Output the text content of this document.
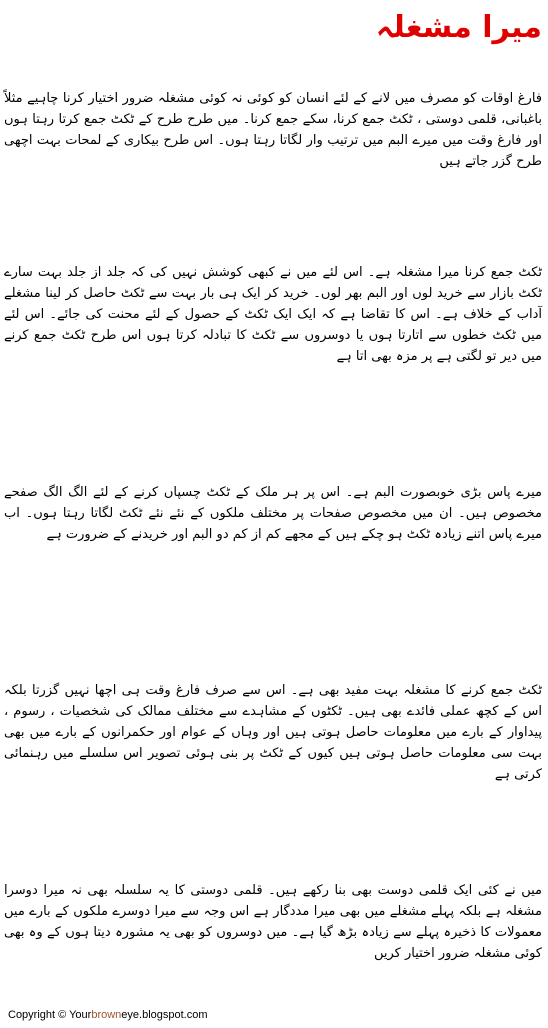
میرا مشغلہ

فارغ اوقات کو مصرف میں لانے کے لئے انسان کو کوئی نہ کوئی مشغلہ ضرور اختیار کرنا چاہیے مثلاً باغبانی، قلمی دوستی ، ٹکٹ جمع کرنا، سکے جمع کرنا۔ میں طرح طرح کے ٹکٹ جمع کرتا رہتا ہوں اور فارغ وقت میں میرے البم میں ترتیب وار لگاتا رہتا ہوں۔ اس طرح بیکاری کے لمحات بہت اچھی طرح گزر جاتے ہیں

ٹکٹ جمع کرنا میرا مشغلہ ہے۔ اس لئے میں نے کبھی کوشش نہیں کی کہ جلد از جلد بہت سارے ٹکٹ بازار سے خرید لوں اور البم بھر لوں۔ خرید کر ایک ہی بار بہت سے ٹکٹ حاصل کر لینا مشغلے آداب کے خلاف ہے۔ اس کا تقاضا ہے کہ ایک ایک ٹکٹ کے حصول کے لئے محنت کی جائے۔ اس لئے میں ٹکٹ خطوں سے اتارتا ہوں یا دوسروں سے ٹکٹ کا تبادلہ کرتا ہوں اس طرح ٹکٹ جمع کرنے میں دیر تو لگتی ہے پر مزہ بھی اتا ہے

میرے پاس بڑی خوبصورت البم ہے۔ اس پر ہر ملک کے ٹکٹ چسپاں کرنے کے لئے الگ الگ صفحے مخصوص ہیں۔ ان میں مخصوص صفحات پر مختلف ملکوں کے نئے نئے ٹکٹ لگاتا رہتا ہوں۔ اب میرے پاس اتنے زیادہ ٹکٹ ہو چکے ہیں کے مجھے کم از کم دو البم اور خریدنے کے ضرورت ہے

ٹکٹ جمع کرنے کا مشغلہ بہت مفید بھی ہے۔ اس سے صرف فارغ وقت ہی اچھا نہیں گزرتا بلکہ اس کے کچھ عملی فائدے بھی ہیں۔ ٹکٹوں کے مشاہدے سے مختلف ممالک کی شخصیات ، رسوم ، پیداوار کے بارے میں معلومات حاصل ہوتی ہیں اور وہاں کے عوام اور حکمرانوں کے بارے میں بھی بہت سی معلومات حاصل ہوتی ہیں کیوں کے ٹکٹ پر بنی ہوئی تصویر اس سلسلے میں رہنمائی کرتی ہے

میں نے کئی ایک قلمی دوست بھی بنا رکھے ہیں۔ قلمی دوستی کا یہ سلسلہ بھی نہ میرا دوسرا مشغلہ ہے بلکہ پہلے مشغلے میں بھی میرا مددگار ہے اس وجہ سے میرا دوسرے ملکوں کے بارے میں معمولات کا ذخیرہ پہلے سے زیادہ بڑھ گیا ہے۔ میں دوسروں کو بھی یہ مشورہ دیتا ہوں کے وہ بھی کوئی مشغلہ ضرور اختیار کریں

Copyright © Yourbrowneye.blogspot.com
